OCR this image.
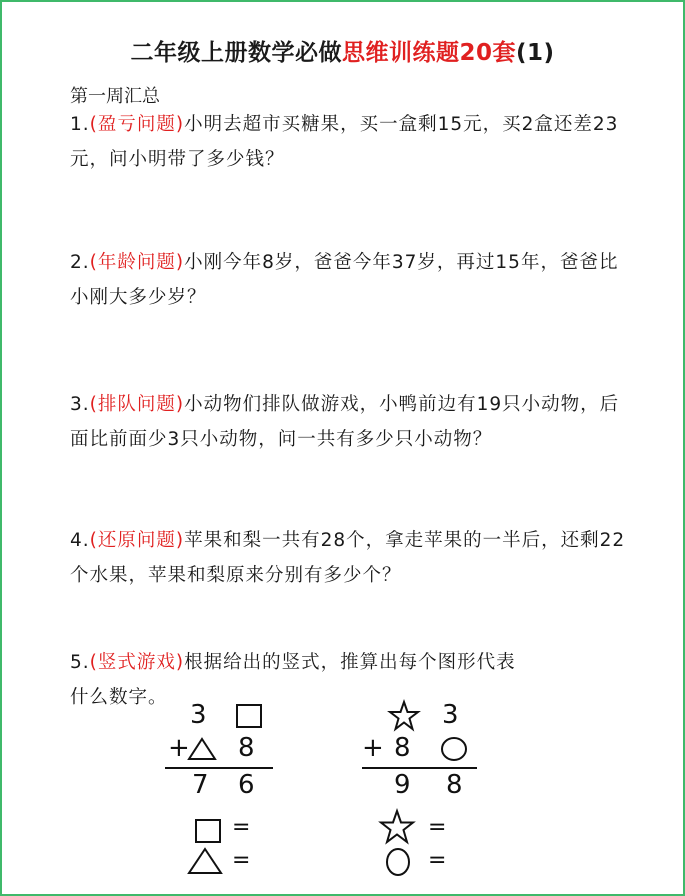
二年级上册数学必做思维训练题20套(1)
第一周汇总
1.(盈亏问题)小明去超市买糖果，买一盒剩15元，买2盒还差23元，问小明带了多少钱？
2.(年龄问题)小刚今年8岁，爸爸今年37岁，再过15年，爸爸比小刚大多少岁？
3.(排队问题)小动物们排队做游戏，小鸭前边有19只小动物，后面比前面少3只小动物，问一共有多少只小动物？
4.(还原问题)苹果和梨一共有28个，拿走苹果的一半后，还剩22个水果，苹果和梨原来分别有多少个？
5.(竖式游戏)根据给出的竖式，推算出每个图形代表
什么数字。
3
+ 8
7 6
=
=
3
+ 8
9 8
=
=
